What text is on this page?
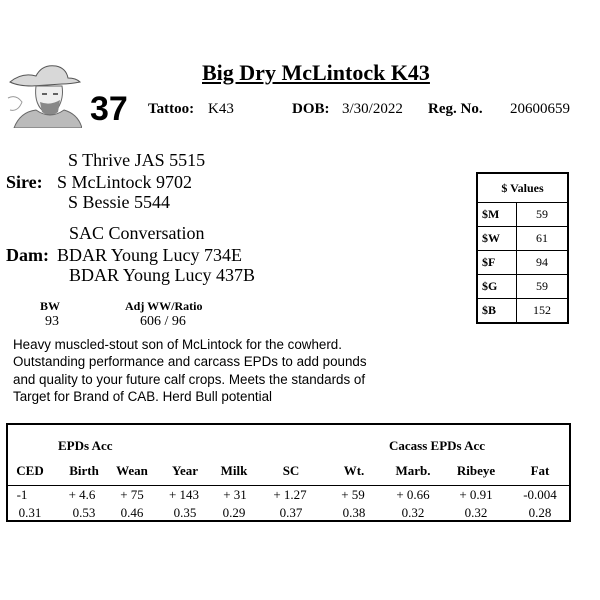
Big Dry McLintock K43
37 Tattoo: K43	DOB: 3/30/2022 Reg. No. 20600659
S Thrive JAS 5515
Sire: S McLintock 9702
S Bessie 5544
SAC Conversation
Dam: BDAR Young Lucy 734E
BDAR Young Lucy 437B
BW
93
Adj WW/Ratio
606 / 96
$ Values	
$M	59
$W	61
$F	94
$G	59
$B	152
Heavy muscled-stout son of McLintock for the cowherd. Outstanding performance and carcass EPDs to add pounds and quality to your future calf crops. Meets the standards of Target for Brand of CAB. Herd Bull potential
EPDs Acc	Cacass EPDs Acc
CED Birth Wean Year Milk	SC	Wt. Marb. Ribeye	Fat
-1	+ 4.6 + 75 + 143 + 31 + 1.27	+ 59 + 0.66 + 0.91 -0.004
0.31 0.53 0.46 0.35 0.29	0.37	0.38	0.32	0.32	0.28
